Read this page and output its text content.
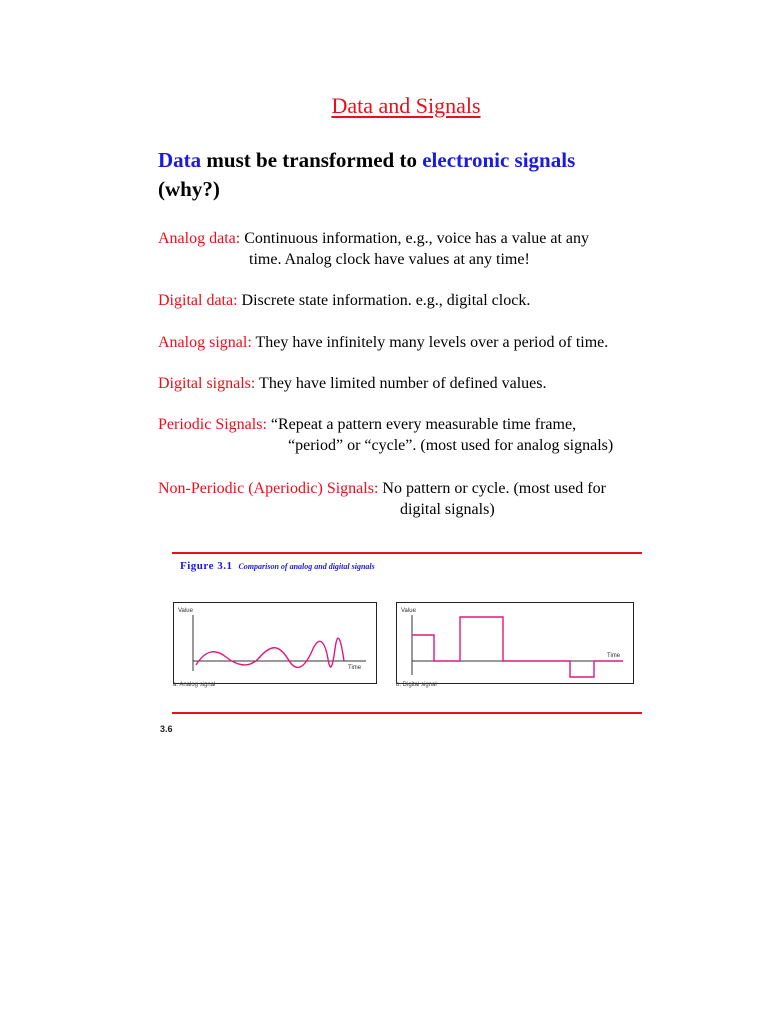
Data and Signals
Data must be transformed to electronic signals
(why?)
Analog data: Continuous information, e.g., voice has a value at any
time. Analog clock have values at any time!
Digital data: Discrete state information. e.g., digital clock.
Analog signal: They have infinitely many levels over a period of time.
Digital signals: They have limited number of defined values.
Periodic Signals: “Repeat a pattern every measurable time frame,
“period” or “cycle”. (most used for analog signals)
Non-Periodic (Aperiodic) Signals: No pattern or cycle. (most used for
digital signals)
Figure 3.1 Comparison of analog and digital signals
Value
Time
a. Analog signal
Value
Time
b. Digital signal
3.6
